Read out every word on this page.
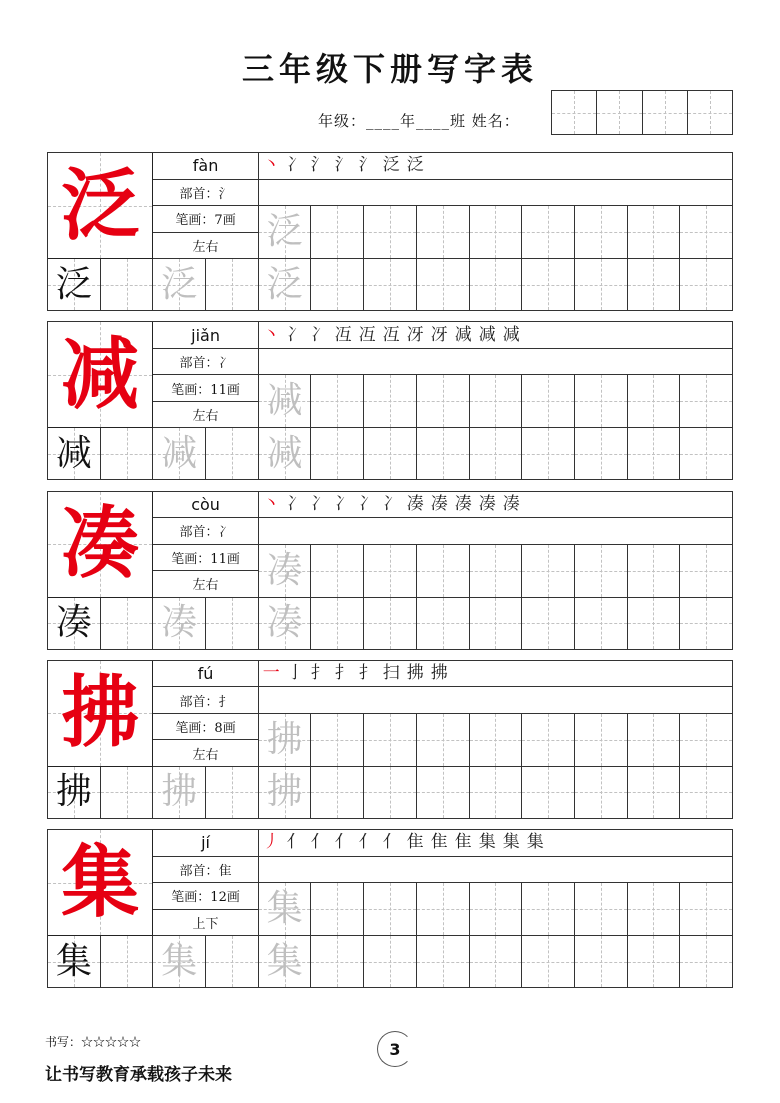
三年级下册写字表
年级：____年____班 姓名：
泛	fàn
部首： 氵
笔画： 7画
左右
丶 冫 氵 氵 氵 泛 泛
泛
泛 泛 泛
减	jiǎn
部首： 冫
笔画： 11画
左右
丶 冫 冫 冱 冱 冱 冴 冴 减 减 减
减
减 减 减
凑	còu
部首： 冫
笔画： 11画
左右
丶 冫 冫 冫 冫 冫 凑 凑 凑 凑 凑
凑
凑 凑 凑
拂	fú
部首： 扌
笔画： 8画
左右
一 亅 扌 扌 扌 扫 拂 拂
拂
拂 拂 拂
集	jí
部首： 隹
笔画： 12画
上下
丿 亻 亻 亻 亻 亻 隹 隹 隹 集 集 集
集
集 集 集
书写：☆☆☆☆☆	3
让书写教育承载孩子未来
